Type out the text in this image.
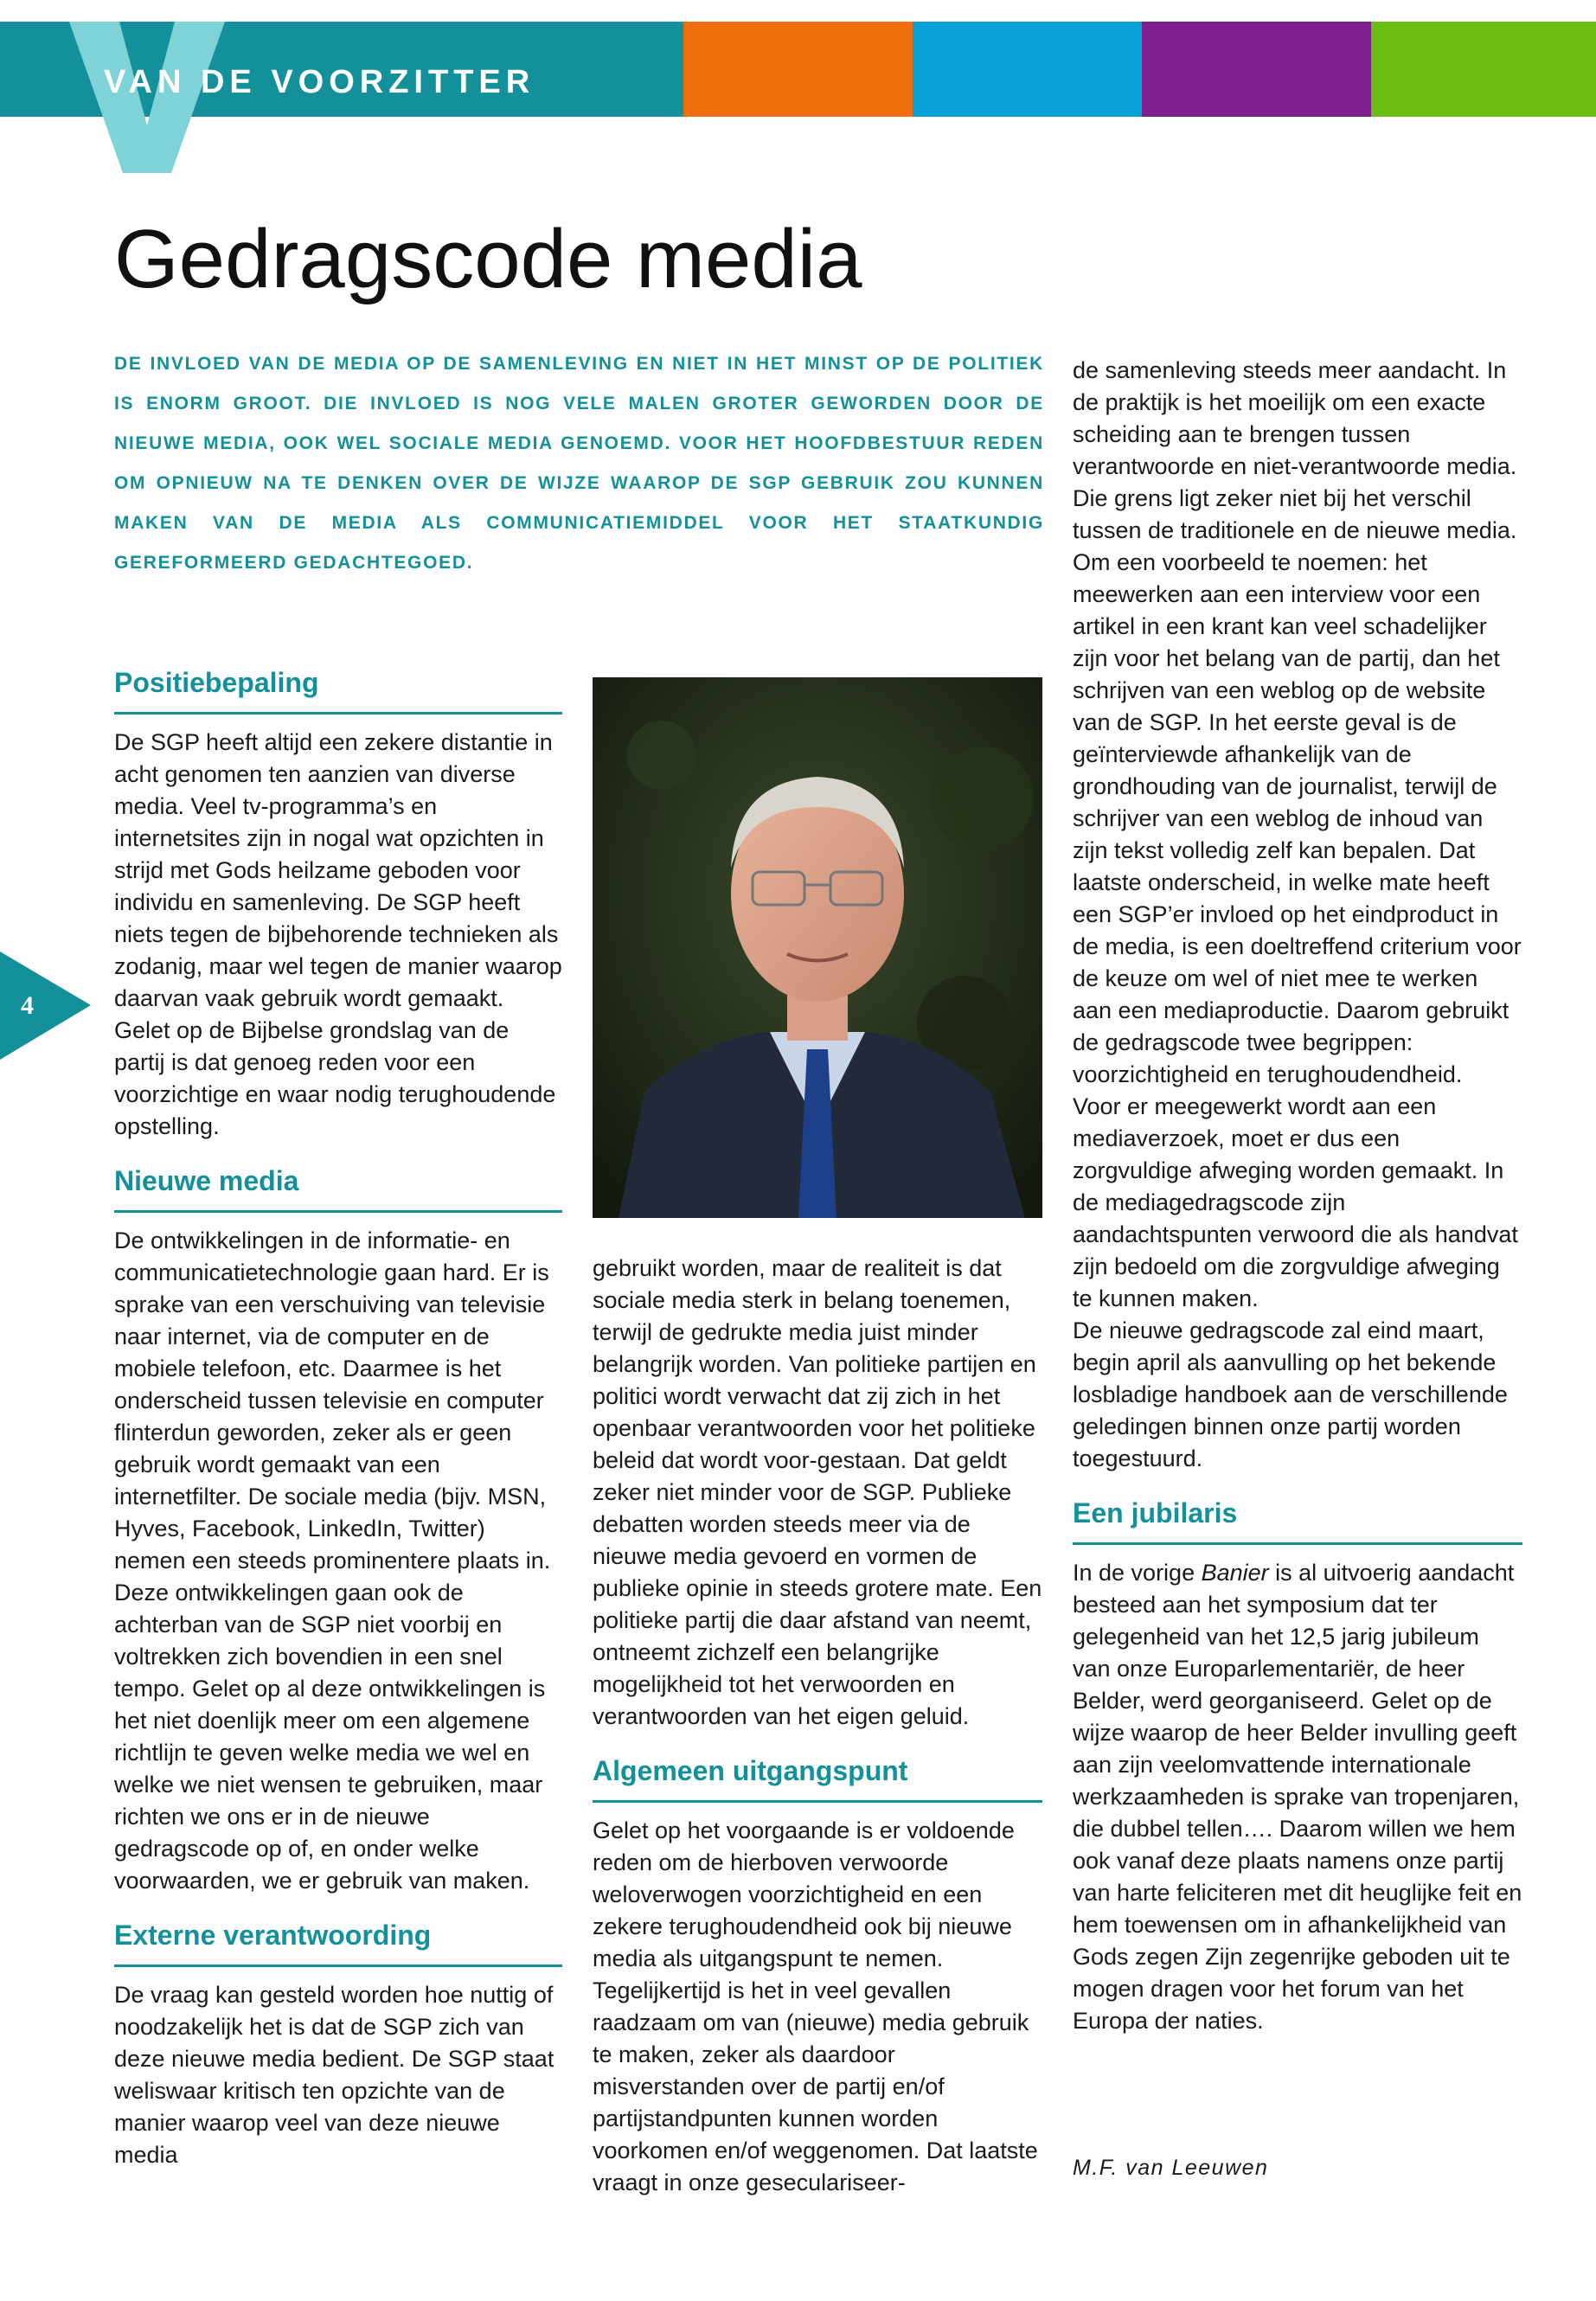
VAN DE VOORZITTER
Gedragscode media

DE INVLOED VAN DE MEDIA OP DE SAMENLEVING EN NIET IN HET MINST OP DE POLITIEK IS ENORM GROOT. DIE INVLOED IS NOG VELE MALEN GROTER GEWORDEN DOOR DE NIEUWE MEDIA, OOK WEL SOCIALE MEDIA GENOEMD. VOOR HET HOOFDBESTUUR REDEN OM OPNIEUW NA TE DENKEN OVER DE WIJZE WAAROP DE SGP GEBRUIK ZOU KUNNEN MAKEN VAN DE MEDIA ALS COMMUNICATIEMIDDEL VOOR HET STAATKUNDIG GEREFORMEERD GEDACHTEGOED.

Positiebepaling

De SGP heeft altijd een zekere distantie in acht genomen ten aanzien van diverse media. Veel tv-programma’s en internetsites zijn in nogal wat opzichten in strijd met Gods heilzame geboden voor individu en samenleving. De SGP heeft niets tegen de bijbehorende technieken als zodanig, maar wel tegen de manier waarop daarvan vaak gebruik wordt gemaakt. Gelet op de Bijbelse grondslag van de partij is dat genoeg reden voor een voorzichtige en waar nodig terughoudende opstelling.

Nieuwe media

De ontwikkelingen in de informatie- en communicatietechnologie gaan hard. Er is sprake van een verschuiving van televisie naar internet, via de computer en de mobiele telefoon, etc. Daarmee is het onderscheid tussen televisie en computer flinterdun geworden, zeker als er geen gebruik wordt gemaakt van een internetfilter. De sociale media (bijv. MSN, Hyves, Facebook, LinkedIn, Twitter) nemen een steeds prominentere plaats in. Deze ontwikkelingen gaan ook de achterban van de SGP niet voorbij en voltrekken zich bovendien in een snel tempo. Gelet op al deze ontwikkelingen is het niet doenlijk meer om een algemene richtlijn te geven welke media we wel en welke we niet wensen te gebruiken, maar richten we ons er in de nieuwe gedragscode op of, en onder welke voorwaarden, we er gebruik van maken.

Externe verantwoording

De vraag kan gesteld worden hoe nuttig of noodzakelijk het is dat de SGP zich van deze nieuwe media bedient. De SGP staat weliswaar kritisch ten opzichte van de manier waarop veel van deze nieuwe media

gebruikt worden, maar de realiteit is dat sociale media sterk in belang toenemen, terwijl de gedrukte media juist minder belangrijk worden. Van politieke partijen en politici wordt verwacht dat zij zich in het openbaar verantwoorden voor het politieke beleid dat wordt voor-gestaan. Dat geldt zeker niet minder voor de SGP. Publieke debatten worden steeds meer via de nieuwe media gevoerd en vormen de publieke opinie in steeds grotere mate. Een politieke partij die daar afstand van neemt, ontneemt zichzelf een belangrijke mogelijkheid tot het verwoorden en verantwoorden van het eigen geluid.

Algemeen uitgangspunt

Gelet op het voorgaande is er voldoende reden om de hierboven verwoorde weloverwogen voorzichtigheid en een zekere terughoudendheid ook bij nieuwe media als uitgangspunt te nemen. Tegelijkertijd is het in veel gevallen raadzaam om van (nieuwe) media gebruik te maken, zeker als daardoor misverstanden over de partij en/of partijstandpunten kunnen worden voorkomen en/of weggenomen. Dat laatste vraagt in onze geseculariseer-

de samenleving steeds meer aandacht. In de praktijk is het moeilijk om een exacte scheiding aan te brengen tussen verantwoorde en niet-verantwoorde media. Die grens ligt zeker niet bij het verschil tussen de traditionele en de nieuwe media. Om een voorbeeld te noemen: het meewerken aan een interview voor een artikel in een krant kan veel schadelijker zijn voor het belang van de partij, dan het schrijven van een weblog op de website van de SGP. In het eerste geval is de geïnterviewde afhankelijk van de grondhouding van de journalist, terwijl de schrijver van een weblog de inhoud van zijn tekst volledig zelf kan bepalen. Dat laatste onderscheid, in welke mate heeft een SGP’er invloed op het eindproduct in de media, is een doeltreffend criterium voor de keuze om wel of niet mee te werken aan een mediaproductie. Daarom gebruikt de gedragscode twee begrippen: voorzichtigheid en terughoudendheid.

Voor er meegewerkt wordt aan een mediaverzoek, moet er dus een zorgvuldige afweging worden gemaakt. In de mediagedragscode zijn aandachtspunten verwoord die als handvat zijn bedoeld om die zorgvuldige afweging te kunnen maken.

De nieuwe gedragscode zal eind maart, begin april als aanvulling op het bekende losbladige handboek aan de verschillende geledingen binnen onze partij worden toegestuurd.

Een jubilaris

In de vorige Banier is al uitvoerig aandacht besteed aan het symposium dat ter gelegenheid van het 12,5 jarig jubileum van onze Europarlementariër, de heer Belder, werd georganiseerd. Gelet op de wijze waarop de heer Belder invulling geeft aan zijn veelomvattende internationale werkzaamheden is sprake van tropenjaren, die dubbel tellen…. Daarom willen we hem ook vanaf deze plaats namens onze partij van harte feliciteren met dit heuglijke feit en hem toewensen om in afhankelijkheid van Gods zegen Zijn zegenrijke geboden uit te mogen dragen voor het forum van het Europa der naties.

M.F. van Leeuwen

4
